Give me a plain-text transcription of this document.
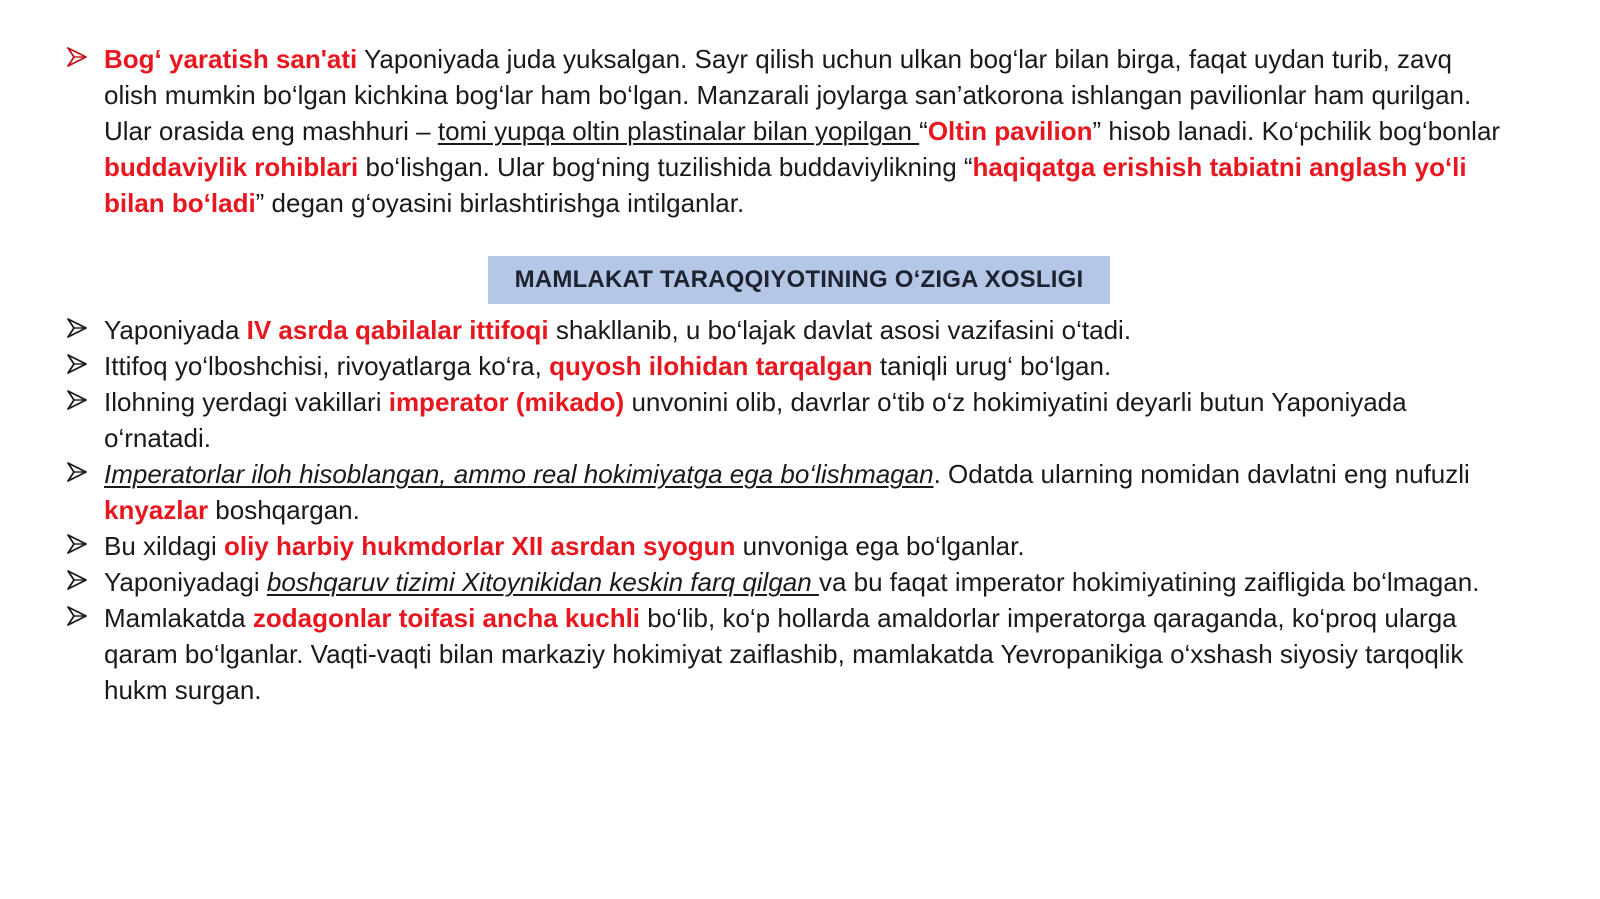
Bog‘ yaratish san'ati Yaponiyada juda yuksalgan. Sayr qilish uchun ulkan bog‘lar bilan birga, faqat uydan turib, zavq olish mumkin bo‘lgan kichkina bog‘lar ham bo‘lgan. Manzarali joylarga san’atkorona ishlangan pavilionlar ham qurilgan. Ular orasida eng mashhuri – tomi yupqa oltin plastinalar bilan yopilgan “Oltin pavilion” hisob lanadi. Ko‘pchilik bog‘bonlar buddaviylik rohiblari bo‘lishgan. Ular bog‘ning tuzilishida buddaviylikning “haqiqatga erishish tabiatni anglash yo‘li bilan bo‘ladi” degan g‘oyasini birlashtirishga intilganlar.
MAMLAKAT TARAQQIYOTINING O‘ZIGA XOSLIGI
Yaponiyada IV asrda qabilalar ittifoqi shakllanib, u bo‘lajak davlat asosi vazifasini o‘tadi.
Ittifoq yo‘lboshchisi, rivoyatlarga ko‘ra, quyosh ilohidan tarqalgan taniqli urug‘ bo‘lgan.
Ilohning yerdagi vakillari imperator (mikado) unvonini olib, davrlar o‘tib o‘z hokimiyatini deyarli butun Yaponiyada o‘rnatadi.
Imperatorlar iloh hisoblangan, ammo real hokimiyatga ega bo‘lishmagan. Odatda ularning nomidan davlatni eng nufuzli knyazlar boshqargan.
Bu xildagi oliy harbiy hukmdorlar XII asrdan syogun unvoniga ega bo‘lganlar.
Yaponiyadagi boshqaruv tizimi Xitoynikidan keskin farq qilgan va bu faqat imperator hokimiyatining zaifligida bo‘lmagan.
Mamlakatda zodagonlar toifasi ancha kuchli bo‘lib, ko‘p hollarda amaldorlar imperatorga qaraganda, ko‘proq ularga qaram bo‘lganlar. Vaqti-vaqti bilan markaziy hokimiyat zaiflashib, mamlakatda Yevropanikiga o‘xshash siyosiy tarqoqlik hukm surgan.
